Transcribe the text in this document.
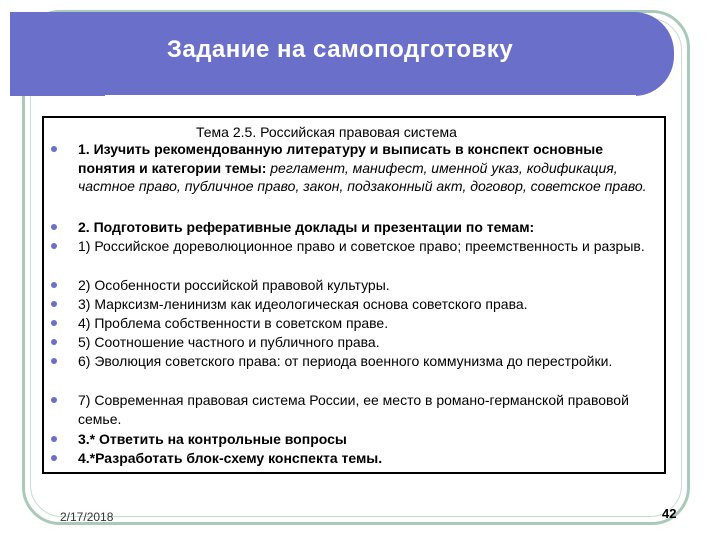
Задание на самоподготовку
Тема 2.5. Российская правовая система
1. Изучить рекомендованную литературу и выписать в конспект основные понятия и категории темы: регламент, манифест, именной указ, кодификация, частное право, публичное право, закон, подзаконный акт, договор, советское право.
2. Подготовить реферативные доклады и презентации по темам:
1) Российское дореволюционное право и советское право; преемственность и разрыв.
2) Особенности российской правовой культуры.
3) Марксизм-ленинизм как идеологическая основа советского права.
4) Проблема собственности в советском праве.
5) Соотношение частного и публичного права.
6) Эволюция советского права: от периода военного коммунизма до перестройки.
7) Современная правовая система России, ее место в романо-германской правовой семье.
3.* Ответить на контрольные вопросы
4.*Разработать блок-схему конспекта темы.
2/17/2018	42
